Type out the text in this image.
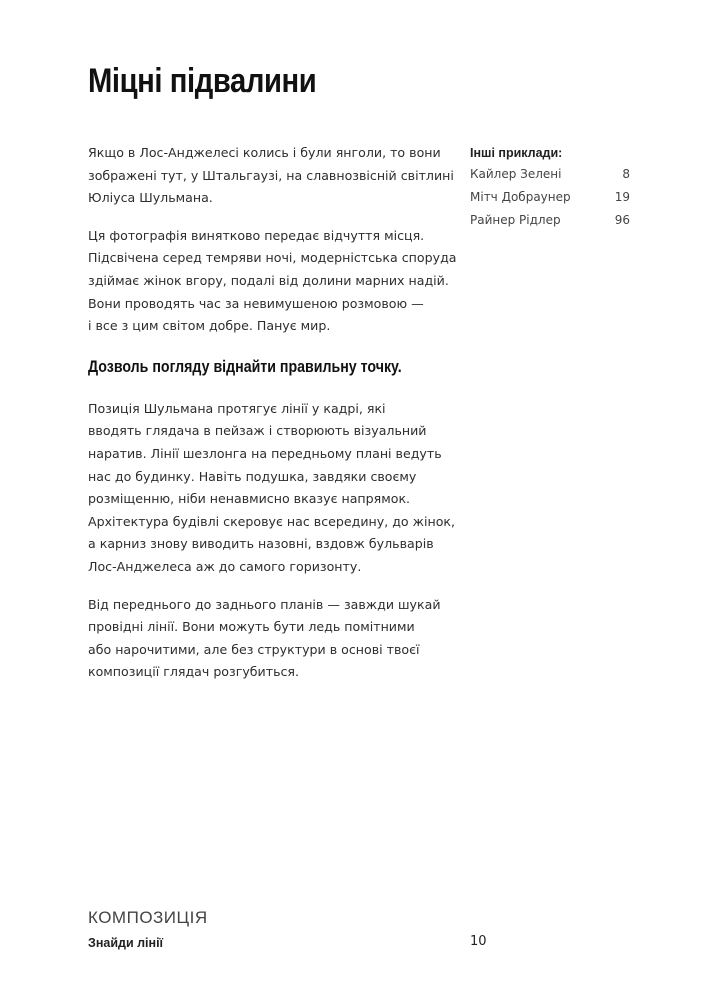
Міцні підвалини

Якщо в Лос-Анджелесі колись і були янголи, то вони
зображені тут, у Штальгаузі, на славнозвісній світлині
Юліуса Шульмана.

Ця фотографія винятково передає відчуття місця.
Підсвічена серед темряви ночі, модерністська споруда
здіймає жінок вгору, подалі від долини марних надій.
Вони проводять час за невимушеною розмовою —
і все з цим світом добре. Панує мир.

Дозволь погляду віднайти правильну точку.

Позиція Шульмана протягує лінії у кадрі, які
вводять глядача в пейзаж і створюють візуальний
наратив. Лінії шезлонга на передньому плані ведуть
нас до будинку. Навіть подушка, завдяки своєму
розміщенню, ніби ненавмисно вказує напрямок.
Архітектура будівлі скеровує нас всередину, до жінок,
а карниз знову виводить назовні, вздовж бульварів
Лос-Анджелеса аж до самого горизонту.

Від переднього до заднього планів — завжди шукай
провідні лінії. Вони можуть бути ледь помітними
або нарочитими, але без структури в основі твоєї
композиції глядач розгубиться.

Інші приклади:
Кайлер Зелені	8
Мітч Добраунер	19
Райнер Рідлер	96
КОМПОЗИЦІЯ
Знайди лінії	10
